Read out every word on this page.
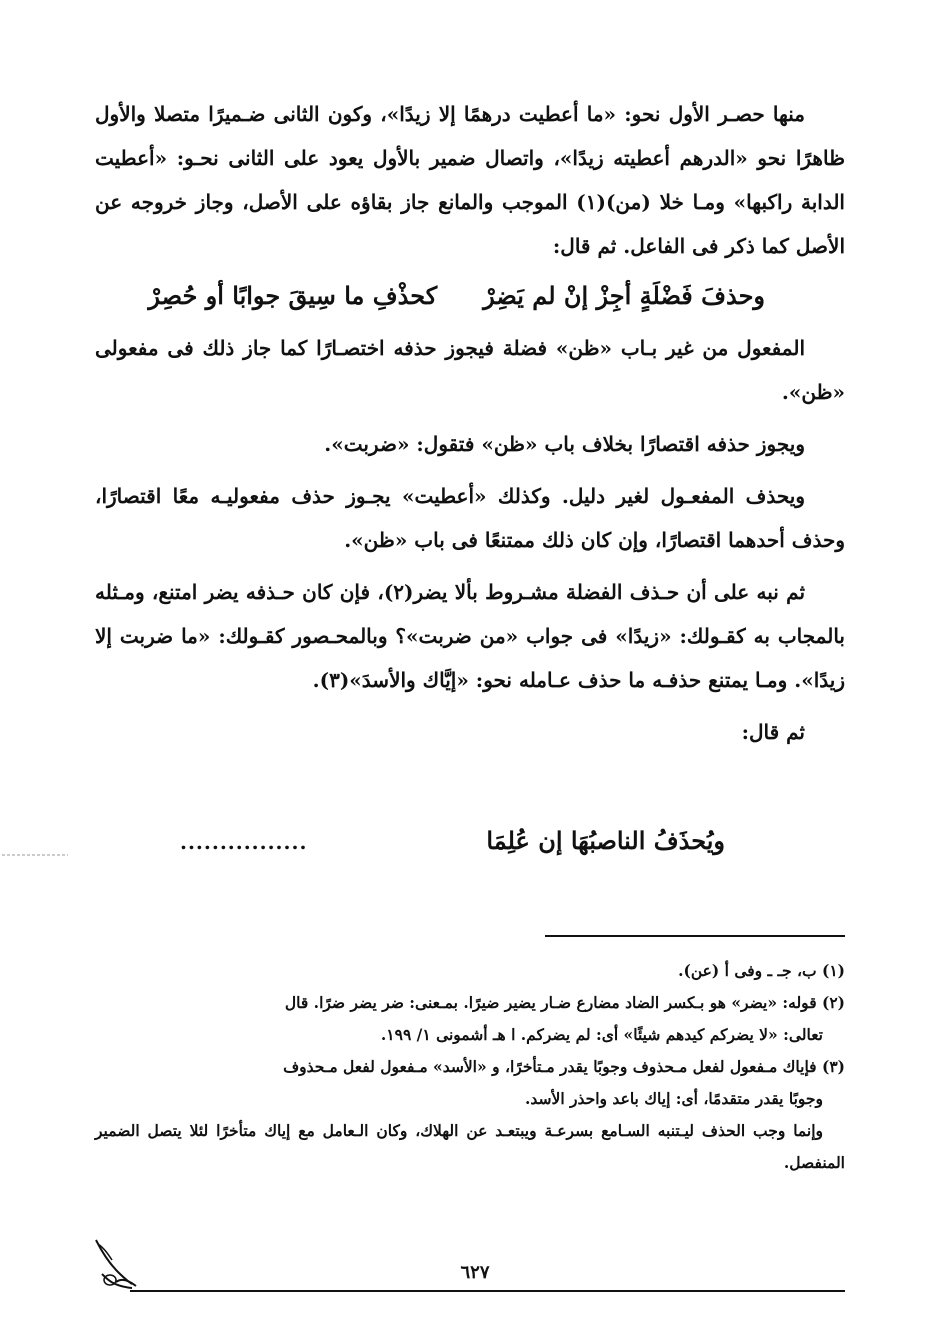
منها حصـر الأول نحو: «ما أعطيت درهمًا إلا زيدًا»، وكون الثانى ضـميرًا متصلا والأول ظاهرًا نحو «الدرهم أعطيته زيدًا»، واتصال ضمير بالأول يعود على الثانى نحـو: «أعطيت الدابة راكبها» ومـا خلا (من)(١) الموجب والمانع جاز بقاؤه على الأصل، وجاز خروجه عن الأصل كما ذكر فى الفاعل. ثم قال:

وحذفَ فَضْلَةٍ أجِزْ إنْ لم يَضِرْ
كحذْفِ ما سِيقَ جوابًا أو حُصِرْ

المفعول من غير بـاب «ظن» فضلة فيجوز حذفه اختصـارًا كما جاز ذلك فى مفعولى «ظن».

ويجوز حذفه اقتصارًا بخلاف باب «ظن» فتقول: «ضربت».

ويحذف المفعـول لغير دليل. وكذلك «أعطيت» يجـوز حذف مفعوليـه معًا اقتصارًا، وحذف أحدهما اقتصارًا، وإن كان ذلك ممتنعًا فى باب «ظن».

ثم نبه على أن حـذف الفضلة مشـروط بألا يضر(٢)، فإن كان حـذفه يضر امتنع، ومـثله بالمجاب به كقـولك: «زيدًا» فى جواب «من ضربت»؟ وبالمحـصور كقـولك: «ما ضربت إلا زيدًا». ومـا يمتنع حذفـه ما حذف عـامله نحو: «إيَّاك والأسدَ»(٣).

ثم قال:

ويُحذَفُ الناصبُهَا إن عُلِمَا
................

(١) ب، جـ ـ وفى أ (عن).

(٢) قوله: «يضر» هو بـكسر الضاد مضارع ضـار يضير ضيرًا. بمـعنى: ضر يضر ضرًا. قال

تعالى: «لا يضركم كيدهم شيئًا» أى: لم يضركم. ا هـ أشمونى ١/ ١٩٩.

(٣) فإياك مـفعول لفعل مـحذوف وجوبًا يقدر مـتأخرًا، و «الأسد» مـفعول لفعل مـحذوف

وجوبًا يقدر متقدمًا، أى: إياك باعد واحذر الأسد.

وإنما وجب الحذف ليـتنبه السـامع بسرعـة ويبتعـد عن الهلاك، وكان الـعامل مع إياك متأخرًا لئلا يتصل الضمير المنفصل.

٦٢٧
